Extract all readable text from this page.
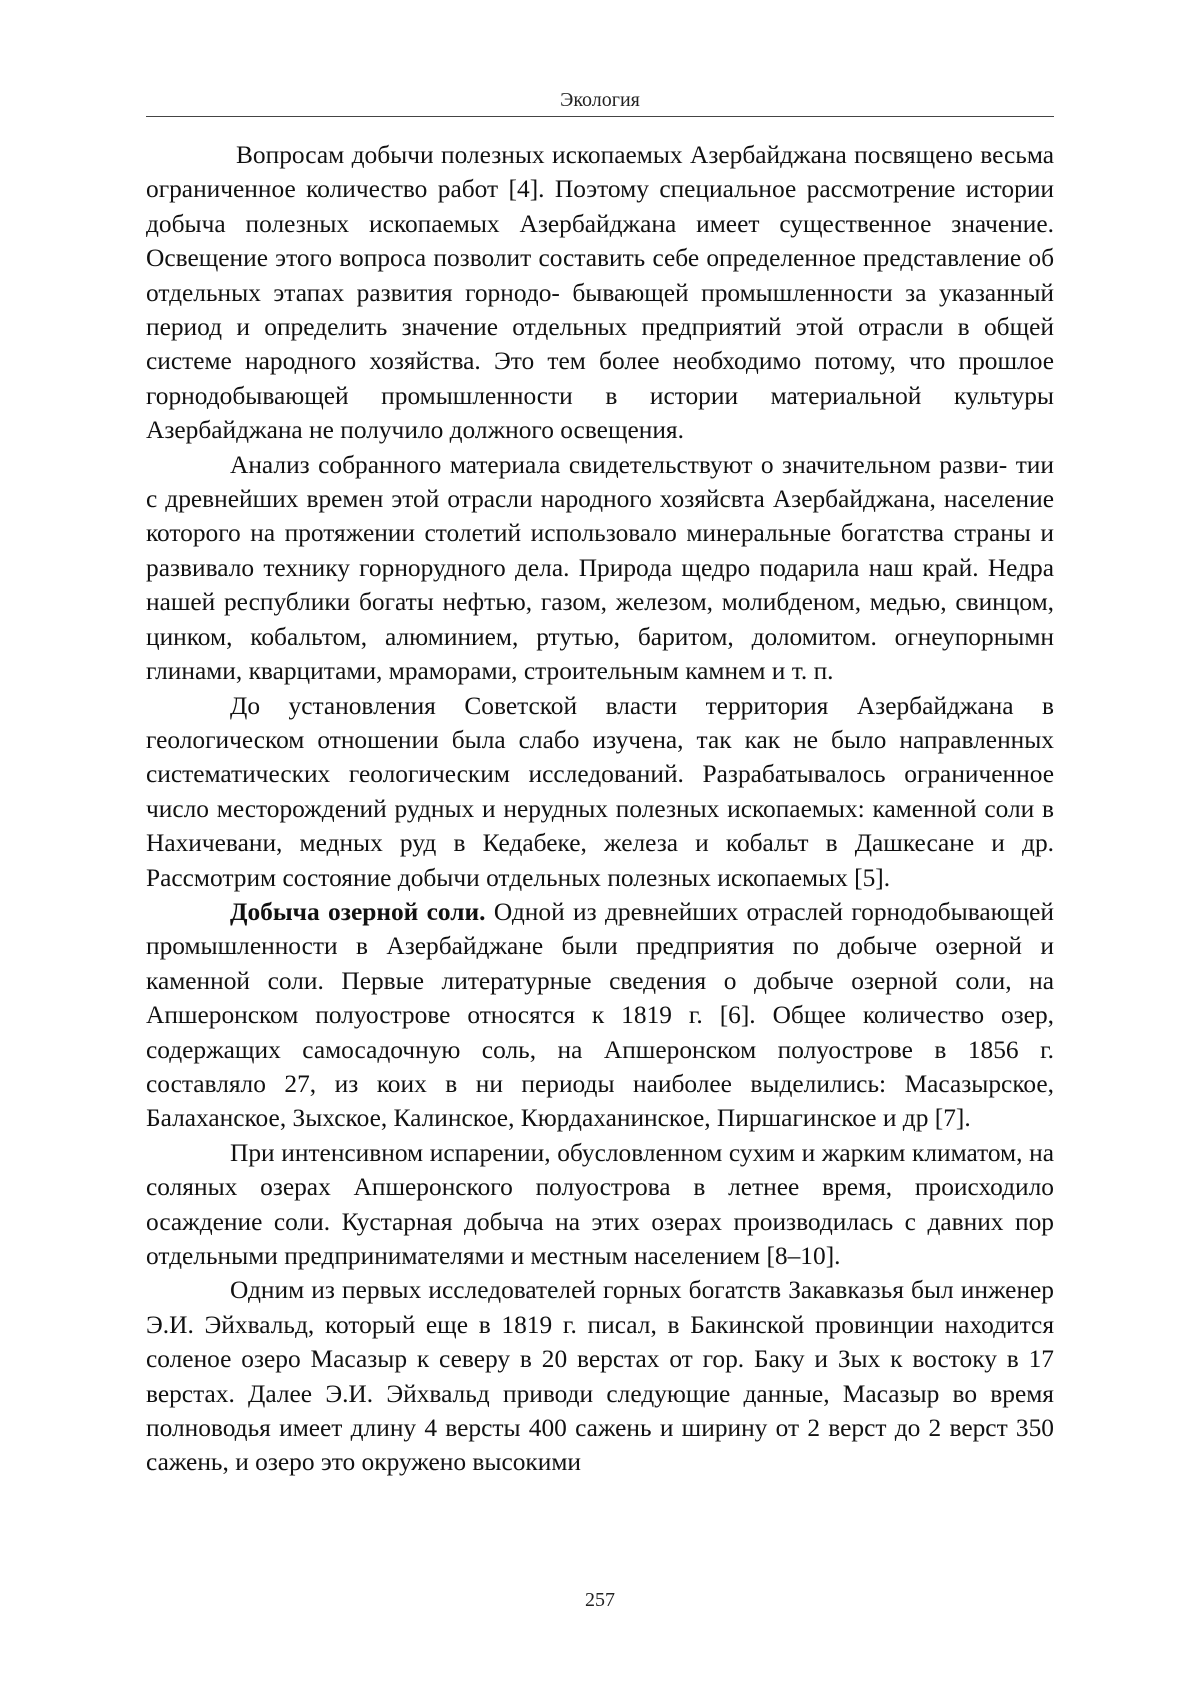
Экология

Вопросам добычи полезных ископаемых Азербайджана посвящено весьма ограниченное количество работ [4]. Поэтому специальное рассмотрение истории добыча полезных ископаемых Азербайджана имеет существенное значение. Освещение этого вопроса позволит составить себе определенное представление об отдельных этапах развития горнодо- бывающей промышленности за указанный период и определить значение отдельных предприятий этой отрасли в общей системе народного хозяйства. Это тем более необходимо потому, что прошлое горнодобывающей промышленности в истории материальной культуры Азербайджана не получило должного освещения.

Анализ собранного материала свидетельствуют о значительном разви- тии с древнейших времен этой отрасли народного хозяйсвта Азербайджана, население которого на протяжении столетий использовало минеральные богатства страны и развивало технику горнорудного дела. Природа щедро подарила наш край. Недра нашей республики богаты нефтью, газом, железом, молибденом, медью, свинцом, цинком, кобальтом, алюминием, ртутью, баритом, доломитом. огнеупорнымн глинами, кварцитами, мраморами, строительным камнем и т. п.

До установления Советской власти территория Азербайджана в геологическом отношении была слабо изучена, так как не было направленных систематических геологическим исследований. Разрабатывалось ограниченное число месторождений рудных и нерудных полезных ископаемых: каменной соли в Нахичевани, медных руд в Кедабеке, железа и кобальт в Дашкесане и др. Рассмотрим состояние добычи отдельных полезных ископаемых [5].

Добыча озерной соли. Одной из древнейших отраслей горнодобывающей промышленности в Азербайджане были предприятия по добыче озерной и каменной соли. Первые литературные сведения о добыче озерной соли, на Апшеронском полуострове относятся к 1819 г. [6]. Общее количество озер, содержащих самосадочную соль, на Апшеронском полуострове в 1856 г. составляло 27, из коих в ни периоды наиболее выделились: Масазырское, Балаханское, Зыхское, Калинское, Кюрдаханинское, Пиршагинское и др [7].

При интенсивном испарении, обусловленном сухим и жарким климатом, на соляных озерах Апшеронского полуострова в летнее время, происходило осаждение соли. Кустарная добыча на этих озерах производилась с давних пор отдельными предпринимателями и местным населением [8–10].

Одним из первых исследователей горных богатств Закавказья был инженер Э.И. Эйхвальд, который еще в 1819 г. писал, в Бакинской провинции находится соленое озеро Масазыр к северу в 20 верстах от гор. Баку и Зых к востоку в 17 верстах. Далее Э.И. Эйхвальд приводи следующие данные, Масазыр во время полноводья имеет длину 4 версты 400 сажень и ширину от 2 верст до 2 верст 350 сажень, и озеро это окружено высокими

257
